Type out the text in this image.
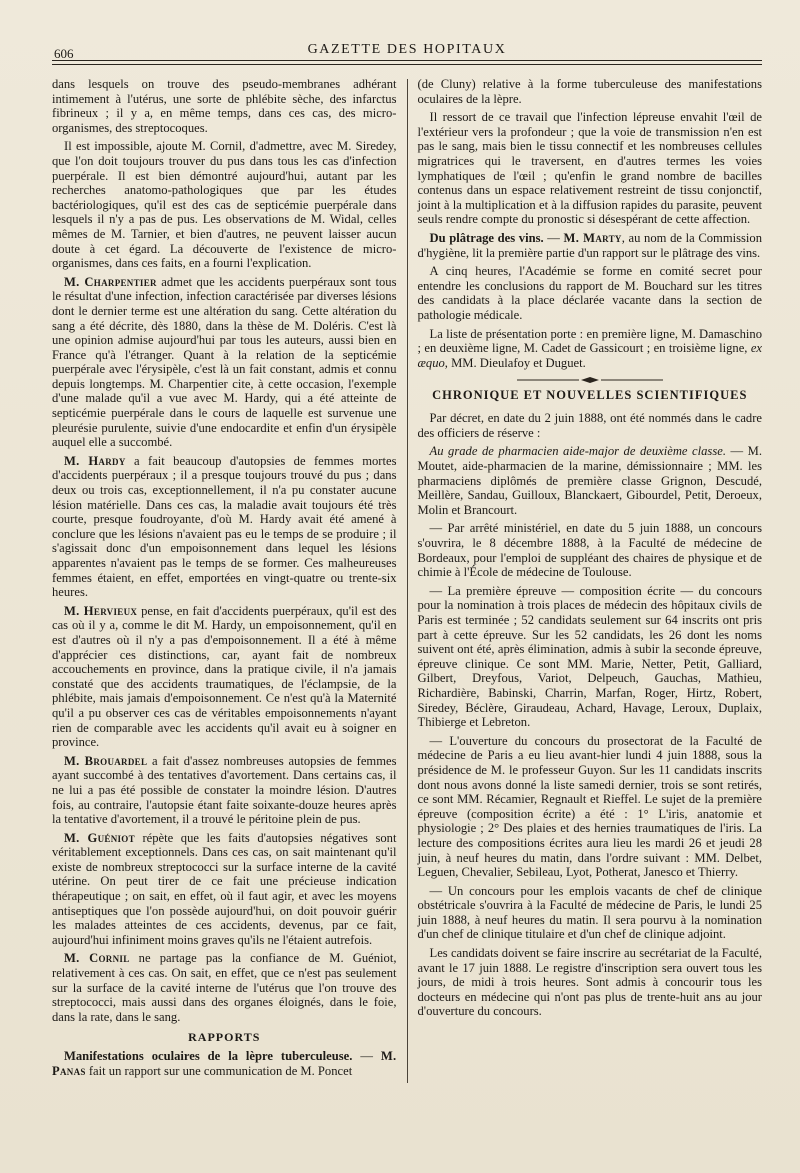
606	GAZETTE DES HOPITAUX

dans lesquels on trouve des pseudo-membranes adhérant intimement à l'utérus, une sorte de phlébite sèche, des infarctus fibrineux ; il y a, en même temps, dans ces cas, des micro-organismes, des streptocoques.

Il est impossible, ajoute M. Cornil, d'admettre, avec M. Siredey, que l'on doit toujours trouver du pus dans tous les cas d'infection puerpérale. Il est bien démontré aujourd'hui, autant par les recherches anatomo-pathologiques que par les études bactériologiques, qu'il est des cas de septicémie puerpérale dans lesquels il n'y a pas de pus. Les observations de M. Widal, celles mêmes de M. Tarnier, et bien d'autres, ne peuvent laisser aucun doute à cet égard. La découverte de l'existence de micro-organismes, dans ces faits, en a fourni l'explication.

M. Charpentier admet que les accidents puerpéraux sont tous le résultat d'une infection, infection caractérisée par diverses lésions dont le dernier terme est une altération du sang. Cette altération du sang a été décrite, dès 1880, dans la thèse de M. Doléris. C'est là une opinion admise aujourd'hui par tous les auteurs, aussi bien en France qu'à l'étranger. Quant à la relation de la septicémie puerpérale avec l'érysipèle, c'est là un fait constant, admis et connu depuis longtemps. M. Charpentier cite, à cette occasion, l'exemple d'une malade qu'il a vue avec M. Hardy, qui a été atteinte de septicémie puerpérale dans le cours de laquelle est survenue une pleurésie purulente, suivie d'une endocardite et enfin d'un érysipèle auquel elle a succombé.

M. Hardy a fait beaucoup d'autopsies de femmes mortes d'accidents puerpéraux ; il a presque toujours trouvé du pus ; dans deux ou trois cas, exceptionnellement, il n'a pu constater aucune lésion matérielle. Dans ces cas, la maladie avait toujours été très courte, presque foudroyante, d'où M. Hardy avait été amené à conclure que les lésions n'avaient pas eu le temps de se produire ; il s'agissait donc d'un empoisonnement dans lequel les lésions apparentes n'avaient pas le temps de se former. Ces malheureuses femmes étaient, en effet, emportées en vingt-quatre ou trente-six heures.

M. Hervieux pense, en fait d'accidents puerpéraux, qu'il est des cas où il y a, comme le dit M. Hardy, un empoisonnement, qu'il en est d'autres où il n'y a pas d'empoisonnement. Il a été à même d'apprécier ces distinctions, car, ayant fait de nombreux accouchements en province, dans la pratique civile, il n'a jamais constaté que des accidents traumatiques, de l'éclampsie, de la phlébite, mais jamais d'empoisonnement. Ce n'est qu'à la Maternité qu'il a pu observer ces cas de véritables empoisonnements n'ayant rien de comparable avec les accidents qu'il avait eu à soigner en province.

M. Brouardel a fait d'assez nombreuses autopsies de femmes ayant succombé à des tentatives d'avortement. Dans certains cas, il ne lui a pas été possible de constater la moindre lésion. D'autres fois, au contraire, l'autopsie étant faite soixante-douze heures après la tentative d'avortement, il a trouvé le péritoine plein de pus.

M. Guéniot répète que les faits d'autopsies négatives sont véritablement exceptionnels. Dans ces cas, on sait maintenant qu'il existe de nombreux streptococci sur la surface interne de la cavité utérine. On peut tirer de ce fait une précieuse indication thérapeutique ; on sait, en effet, où il faut agir, et avec les moyens antiseptiques que l'on possède aujourd'hui, on doit pouvoir guérir les malades atteintes de ces accidents, devenus, par ce fait, aujourd'hui infiniment moins graves qu'ils ne l'étaient autrefois.

M. Cornil ne partage pas la confiance de M. Guéniot, relativement à ces cas. On sait, en effet, que ce n'est pas seulement sur la surface de la cavité interne de l'utérus que l'on trouve des streptococci, mais aussi dans des organes éloignés, dans le foie, dans la rate, dans le sang.

RAPPORTS

Manifestations oculaires de la lèpre tuberculeuse. — M. Panas fait un rapport sur une communication de M. Poncet

(de Cluny) relative à la forme tuberculeuse des manifestations oculaires de la lèpre.

Il ressort de ce travail que l'infection lépreuse envahit l'œil de l'extérieur vers la profondeur ; que la voie de transmission n'en est pas le sang, mais bien le tissu connectif et les nombreuses cellules migratrices qui le traversent, en d'autres termes les voies lymphatiques de l'œil ; qu'enfin le grand nombre de bacilles contenus dans un espace relativement restreint de tissu conjonctif, joint à la multiplication et à la diffusion rapides du parasite, peuvent seuls rendre compte du pronostic si désespérant de cette affection.

Du plâtrage des vins. — M. Marty, au nom de la Commission d'hygiène, lit la première partie d'un rapport sur le plâtrage des vins.

A cinq heures, l'Académie se forme en comité secret pour entendre les conclusions du rapport de M. Bouchard sur les titres des candidats à la place déclarée vacante dans la section de pathologie médicale.

La liste de présentation porte : en première ligne, M. Damaschino ; en deuxième ligne, M. Cadet de Gassicourt ; en troisième ligne, ex æquo, MM. Dieulafoy et Duguet.

CHRONIQUE ET NOUVELLES SCIENTIFIQUES

Par décret, en date du 2 juin 1888, ont été nommés dans le cadre des officiers de réserve :

Au grade de pharmacien aide-major de deuxième classe. — M. Moutet, aide-pharmacien de la marine, démissionnaire ; MM. les pharmaciens diplômés de première classe Grignon, Descudé, Meillère, Sandau, Guilloux, Blanckaert, Gibourdel, Petit, Deroeux, Molin et Brancourt.

— Par arrêté ministériel, en date du 5 juin 1888, un concours s'ouvrira, le 8 décembre 1888, à la Faculté de médecine de Bordeaux, pour l'emploi de suppléant des chaires de physique et de chimie à l'École de médecine de Toulouse.

— La première épreuve — composition écrite — du concours pour la nomination à trois places de médecin des hôpitaux civils de Paris est terminée ; 52 candidats seulement sur 64 inscrits ont pris part à cette épreuve. Sur les 52 candidats, les 26 dont les noms suivent ont été, après élimination, admis à subir la seconde épreuve, épreuve clinique. Ce sont MM. Marie, Netter, Petit, Galliard, Gilbert, Dreyfous, Variot, Delpeuch, Gauchas, Mathieu, Richardière, Babinski, Charrin, Marfan, Roger, Hirtz, Robert, Siredey, Béclère, Giraudeau, Achard, Havage, Leroux, Duplaix, Thibierge et Lebreton.

— L'ouverture du concours du prosectorat de la Faculté de médecine de Paris a eu lieu avant-hier lundi 4 juin 1888, sous la présidence de M. le professeur Guyon. Sur les 11 candidats inscrits dont nous avons donné la liste samedi dernier, trois se sont retirés, ce sont MM. Récamier, Regnault et Rieffel. Le sujet de la première épreuve (composition écrite) a été : 1° L'iris, anatomie et physiologie ; 2° Des plaies et des hernies traumatiques de l'iris. La lecture des compositions écrites aura lieu les mardi 26 et jeudi 28 juin, à neuf heures du matin, dans l'ordre suivant : MM. Delbet, Leguen, Chevalier, Sebileau, Lyot, Potherat, Janesco et Thierry.

— Un concours pour les emplois vacants de chef de clinique obstétricale s'ouvrira à la Faculté de médecine de Paris, le lundi 25 juin 1888, à neuf heures du matin. Il sera pourvu à la nomination d'un chef de clinique titulaire et d'un chef de clinique adjoint.

Les candidats doivent se faire inscrire au secrétariat de la Faculté, avant le 17 juin 1888. Le registre d'inscription sera ouvert tous les jours, de midi à trois heures. Sont admis à concourir tous les docteurs en médecine qui n'ont pas plus de trente-huit ans au jour d'ouverture du concours.
